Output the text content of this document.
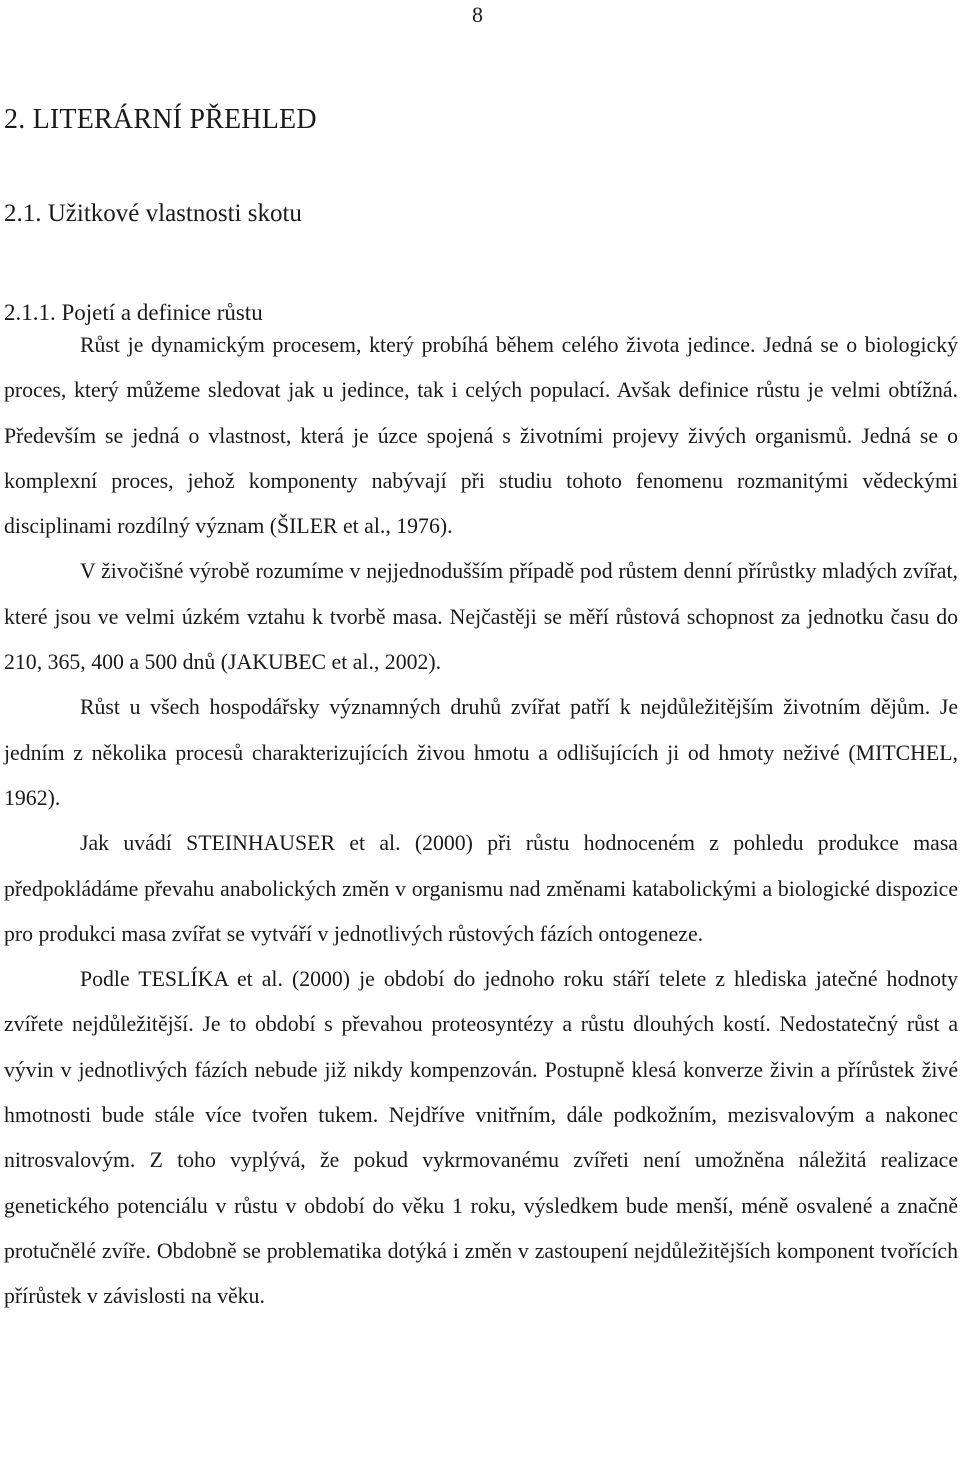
8
2. LITERÁRNÍ PŘEHLED
2.1. Užitkové vlastnosti skotu
2.1.1. Pojetí a definice růstu

Růst je dynamickým procesem, který probíhá během celého života jedince. Jedná se o biologický proces, který můžeme sledovat jak u jedince, tak i celých populací. Avšak definice růstu je velmi obtížná. Především se jedná o vlastnost, která je úzce spojená s životními projevy živých organismů. Jedná se o komplexní proces, jehož komponenty nabývají při studiu tohoto fenomenu rozmanitými vědeckými disciplinami rozdílný význam (ŠILER et al., 1976).

V živočišné výrobě rozumíme v nejjednodušším případě pod růstem denní přírůstky mladých zvířat, které jsou ve velmi úzkém vztahu k tvorbě masa. Nejčastěji se měří růstová schopnost za jednotku času do 210, 365, 400 a 500 dnů (JAKUBEC et al., 2002).

Růst u všech hospodářsky významných druhů zvířat patří k nejdůležitějším životním dějům. Je jedním z několika procesů charakterizujících živou hmotu a odlišujících ji od hmoty neživé (MITCHEL, 1962).

Jak uvádí STEINHAUSER et al. (2000) při růstu hodnoceném z pohledu produkce masa předpokládáme převahu anabolických změn v organismu nad změnami katabolickými a biologické dispozice pro produkci masa zvířat se vytváří v jednotlivých růstových fázích ontogeneze.

Podle TESLÍKA et al. (2000) je období do jednoho roku stáří telete z hlediska jatečné hodnoty zvířete nejdůležitější. Je to období s převahou proteosyntézy a růstu dlouhých kostí. Nedostatečný růst a vývin v jednotlivých fázích nebude již nikdy kompenzován. Postupně klesá konverze živin a přírůstek živé hmotnosti bude stále více tvořen tukem. Nejdříve vnitřním, dále podkožním, mezisvalovým a nakonec nitrosvalovým. Z toho vyplývá, že pokud vykrmovanému zvířeti není umožněna náležitá realizace genetického potenciálu v růstu v období do věku 1 roku, výsledkem bude menší, méně osvalené a značně protučnělé zvíře. Obdobně se problematika dotýká i změn v zastoupení nejdůležitějších komponent tvořících přírůstek v závislosti na věku.
